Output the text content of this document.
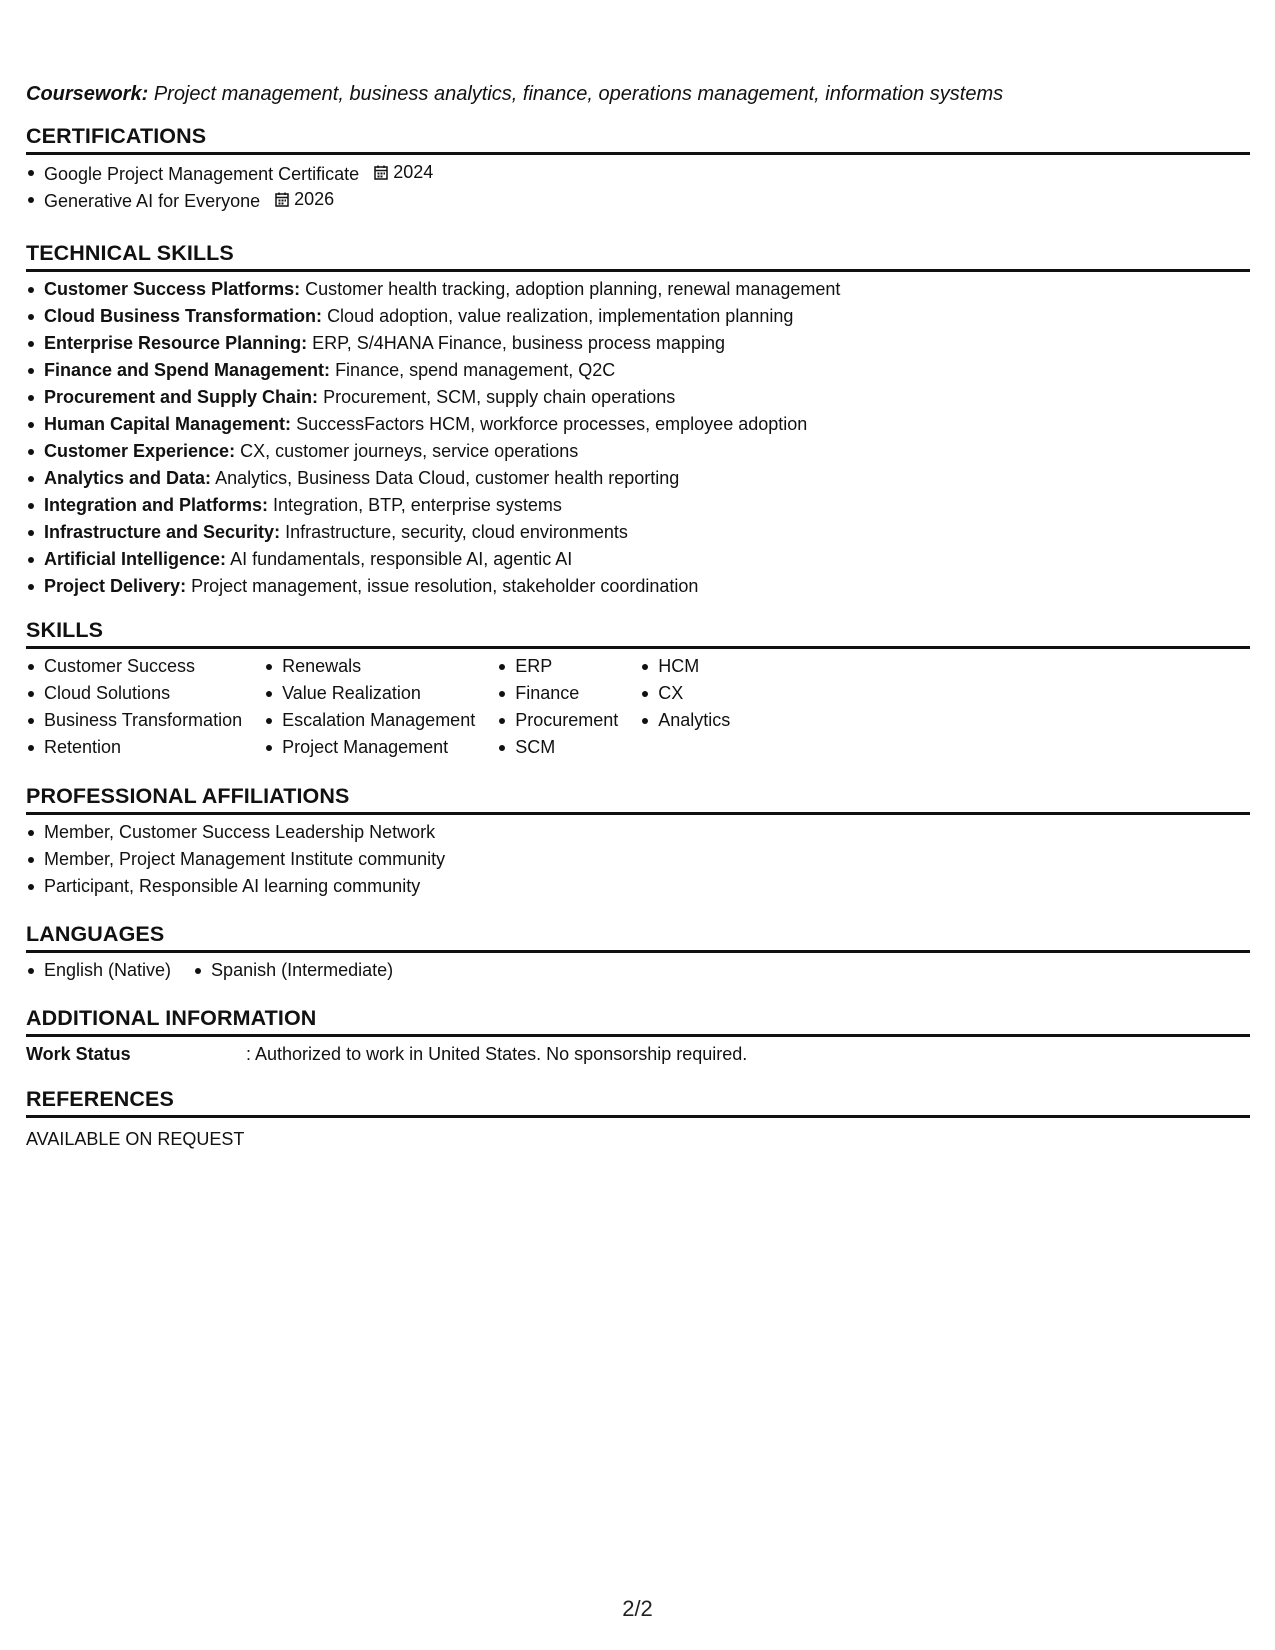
Coursework: Project management, business analytics, finance, operations management, information systems
CERTIFICATIONS
Google Project Management Certificate 2024
Generative AI for Everyone 2026
TECHNICAL SKILLS
Customer Success Platforms: Customer health tracking, adoption planning, renewal management
Cloud Business Transformation: Cloud adoption, value realization, implementation planning
Enterprise Resource Planning: ERP, S/4HANA Finance, business process mapping
Finance and Spend Management: Finance, spend management, Q2C
Procurement and Supply Chain: Procurement, SCM, supply chain operations
Human Capital Management: SuccessFactors HCM, workforce processes, employee adoption
Customer Experience: CX, customer journeys, service operations
Analytics and Data: Analytics, Business Data Cloud, customer health reporting
Integration and Platforms: Integration, BTP, enterprise systems
Infrastructure and Security: Infrastructure, security, cloud environments
Artificial Intelligence: AI fundamentals, responsible AI, agentic AI
Project Delivery: Project management, issue resolution, stakeholder coordination
SKILLS
Customer Success
Cloud Solutions
Business Transformation
Retention
Renewals
Value Realization
Escalation Management
Project Management
ERP
Finance
Procurement
SCM
HCM
CX
Analytics
PROFESSIONAL AFFILIATIONS
Member, Customer Success Leadership Network
Member, Project Management Institute community
Participant, Responsible AI learning community
LANGUAGES
English (Native)	Spanish (Intermediate)
ADDITIONAL INFORMATION
Work Status	: Authorized to work in United States. No sponsorship required.
REFERENCES
AVAILABLE ON REQUEST
2/2
